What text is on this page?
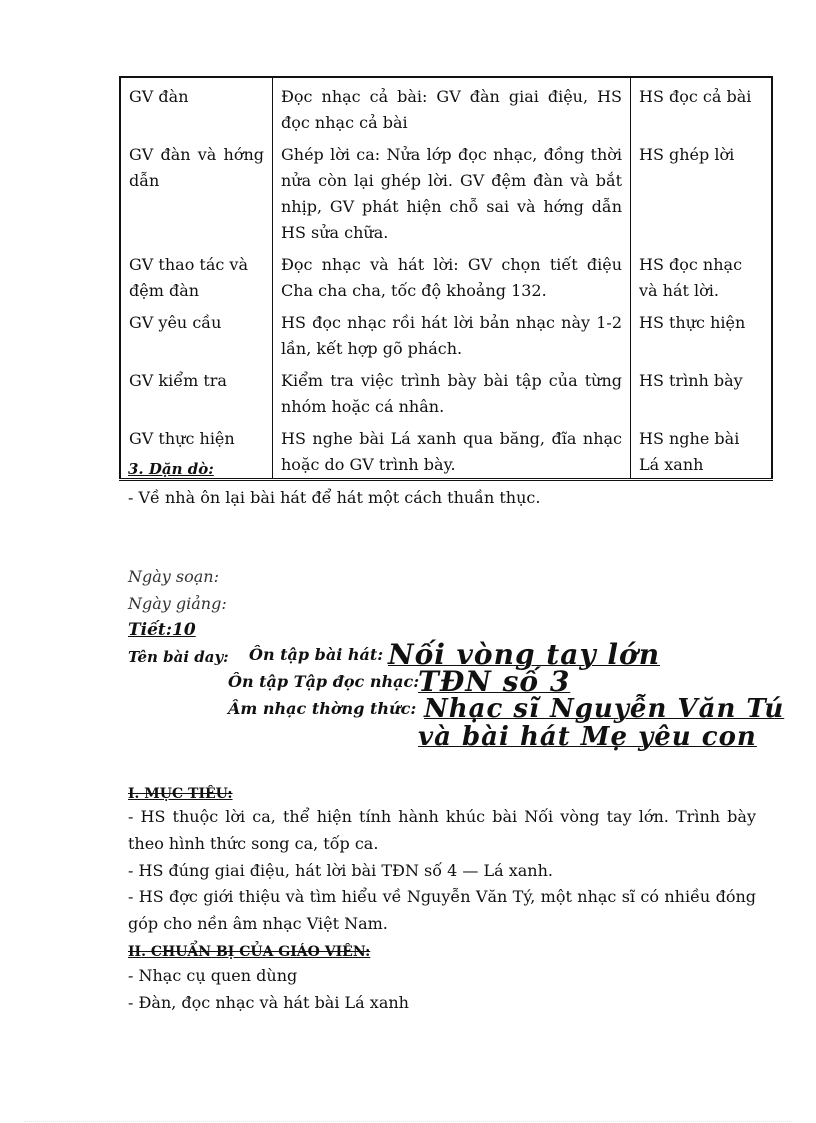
GV đàn	Đọc nhạc cả bài: GV đàn giai điệu, HS đọc nhạc cả bài	HS đọc cả bài
GV đàn và hớng dẫn	Ghép lời ca: Nửa lớp đọc nhạc, đồng thời nửa còn lại ghép lời. GV đệm đàn và bắt nhịp, GV phát hiện chỗ sai và hớng dẫn HS sửa chữa.	HS ghép lời
GV thao tác và đệm đàn	Đọc nhạc và hát lời: GV chọn tiết điệu Cha cha cha, tốc độ khoảng 132.	HS đọc nhạc và hát lời.
GV yêu cầu	HS đọc nhạc rồi hát lời bản nhạc này 1-2 lần, kết hợp gõ phách.	HS thực hiện
GV kiểm tra	Kiểm tra việc trình bày bài tập của từng nhóm hoặc cá nhân.	HS trình bày
GV thực hiện	HS nghe bài Lá xanh qua băng, đĩa nhạc hoặc do GV trình bày.	HS nghe bài Lá xanh
3. Dặn dò:
- Về nhà ôn lại bài hát để hát một cách thuần thục.
Ngày soạn:
Ngày giảng:
Tiết:10
Tên bài day: Ôn tập bài hát: Nối vòng tay lớn
Ôn tập Tập đọc nhạc:
TĐN số 3
Âm nhạc thờng thức: Nhạc sĩ Nguyễn Văn Tú
và bài hát Mẹ yêu con
I. MỤC TIÊU:
- HS thuộc lời ca, thể hiện tính hành khúc bài Nối vòng tay lớn. Trình bày theo hình thức song ca, tốp ca.
- HS đúng giai điệu, hát lời bài TĐN số 4 — Lá xanh.
- HS đợc giới thiệu và tìm hiểu về Nguyễn Văn Tý, một nhạc sĩ có nhiều đóng góp cho nền âm nhạc Việt Nam.
II. CHUẨN BỊ CỦA GIÁO VIÊN:
- Nhạc cụ quen dùng
- Đàn, đọc nhạc và hát bài Lá xanh
